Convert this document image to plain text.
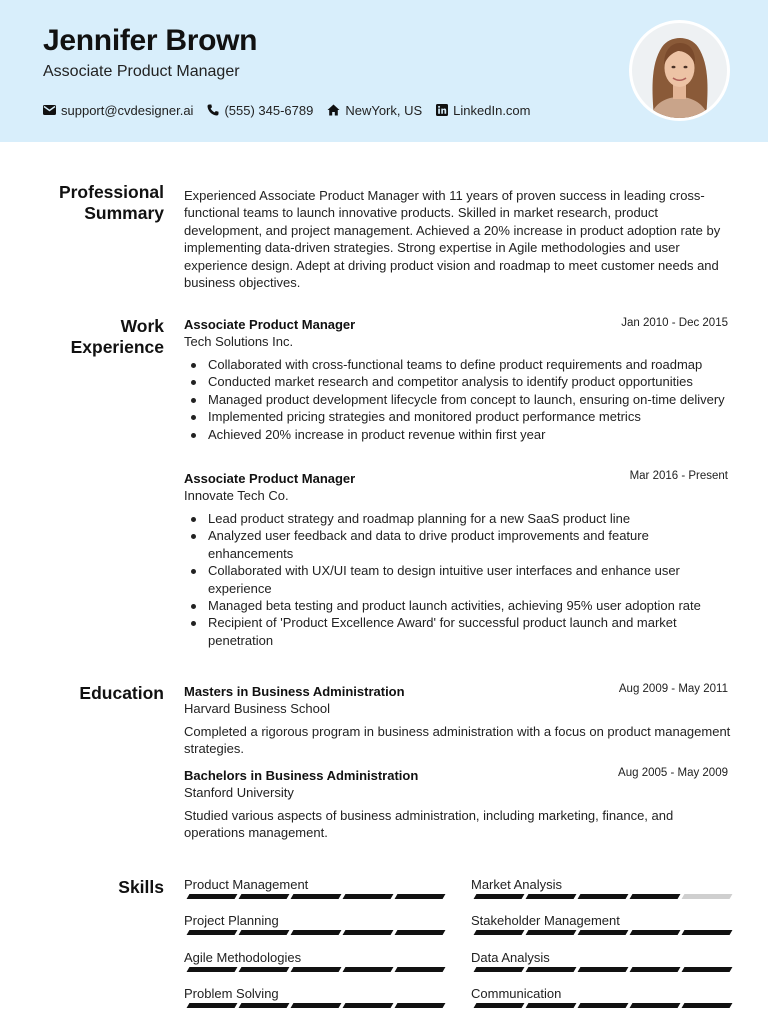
Jennifer Brown
Associate Product Manager
support@cvdesigner.ai (555) 345-6789 NewYork, US LinkedIn.com
Professional
Summary
Experienced Associate Product Manager with 11 years of proven success in leading cross-functional teams to launch innovative products. Skilled in market research, product development, and project management. Achieved a 20% increase in product adoption rate by implementing data-driven strategies. Strong expertise in Agile methodologies and user experience design. Adept at driving product vision and roadmap to meet customer needs and business objectives.
Work
Experience
Associate Product Manager	Jan 2010 - Dec 2015
Tech Solutions Inc.
Collaborated with cross-functional teams to define product requirements and roadmap
Conducted market research and competitor analysis to identify product opportunities
Managed product development lifecycle from concept to launch, ensuring on-time delivery
Implemented pricing strategies and monitored product performance metrics
Achieved 20% increase in product revenue within first year
Associate Product Manager	Mar 2016 - Present
Innovate Tech Co.
Lead product strategy and roadmap planning for a new SaaS product line
Analyzed user feedback and data to drive product improvements and feature enhancements
Collaborated with UX/UI team to design intuitive user interfaces and enhance user experience
Managed beta testing and product launch activities, achieving 95% user adoption rate
Recipient of 'Product Excellence Award' for successful product launch and market penetration
Education Masters in Business Administration	Aug 2009 - May 2011
Harvard Business School
Completed a rigorous program in business administration with a focus on product management strategies.
Bachelors in Business Administration	Aug 2005 - May 2009
Stanford University
Studied various aspects of business administration, including marketing, finance, and operations management.
Skills Product Management	Market Analysis
Project Planning	Stakeholder Management
Agile Methodologies	Data Analysis
Problem Solving	Communication
